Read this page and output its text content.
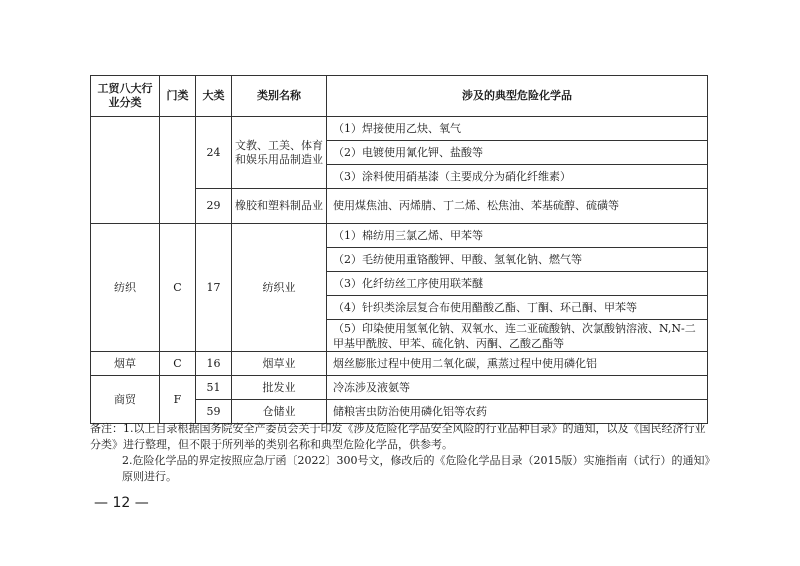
工贸八大行业分类	门类	大类	类别名称	涉及的典型危险化学品
		24	文教、工美、体育和娱乐用品制造业	（1）焊接使用乙炔、氧气
				（2）电镀使用氰化钾、盐酸等
				（3）涂料使用硝基漆（主要成分为硝化纤维素）
		29	橡胶和塑料制品业	使用煤焦油、丙烯腈、丁二烯、松焦油、苯基硫醇、硫磺等
纺织	C	17	纺织业	（1）棉纺用三氯乙烯、甲苯等
				（2）毛纺使用重铬酸钾、甲酸、氢氧化钠、燃气等
				（3）化纤纺丝工序使用联苯醚
				（4）针织类涂层复合布使用醋酸乙酯、丁酮、环己酮、甲苯等
				（5）印染使用氢氧化钠、双氧水、连二亚硫酸钠、次氯酸钠溶液、N,N-二甲基甲酰胺、甲苯、硫化钠、丙酮、乙酸乙酯等
烟草	C	16	烟草业	烟丝膨胀过程中使用二氧化碳，熏蒸过程中使用磷化铝
商贸	F	51	批发业	冷冻涉及液氨等
		59	仓储业	储粮害虫防治使用磷化铝等农药

备注：1.以上目录根据国务院安全产委员会关于印发《涉及危险化学品安全风险的行业品种目录》的通知，以及《国民经济行业分类》进行整理，但不限于所列举的类别名称和典型危险化学品，供参考。

2.危险化学品的界定按照应急厅函〔2022〕300号文，修改后的《危险化学品目录（2015版）实施指南（试行）的通知》原则进行。

— 12 —
